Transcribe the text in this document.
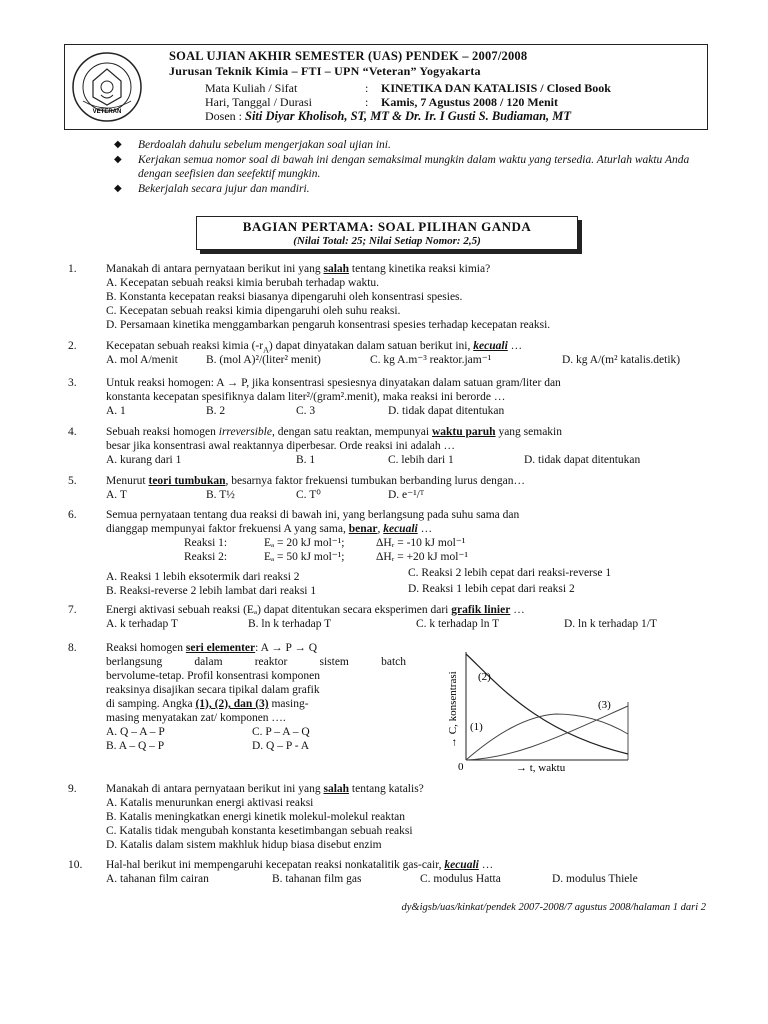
VETERAN
SOAL UJIAN AKHIR SEMESTER (UAS) PENDEK – 2007/2008
Jurusan Teknik Kimia – FTI – UPN “Veteran” Yogyakarta
Mata Kuliah / Sifat	: KINETIKA DAN KATALISIS / Closed Book
Hari, Tanggal / Durasi	: Kamis, 7 Agustus 2008 / 120 Menit
Dosen : Siti Diyar Kholisoh, ST, MT & Dr. Ir. I Gusti S. Budiaman, MT
◆ Berdoalah dahulu sebelum mengerjakan soal ujian ini.
◆ Kerjakan semua nomor soal di bawah ini dengan semaksimal mungkin dalam waktu yang tersedia. Aturlah waktu Anda dengan seefisien dan seefektif mungkin.
◆ Bekerjalah secara jujur dan mandiri.
BAGIAN PERTAMA: SOAL PILIHAN GANDA
(Nilai Total: 25; Nilai Setiap Nomor: 2,5)
1.	Manakah di antara pernyataan berikut ini yang salah tentang kinetika reaksi kimia?
A. Kecepatan sebuah reaksi kimia berubah terhadap waktu.
B. Konstanta kecepatan reaksi biasanya dipengaruhi oleh konsentrasi spesies.
C. Kecepatan sebuah reaksi kimia dipengaruhi oleh suhu reaksi.
D. Persamaan kinetika menggambarkan pengaruh konsentrasi spesies terhadap kecepatan reaksi.
2.	Kecepatan sebuah reaksi kimia $(-r_A)$ dapat dinyatakan dalam satuan berikut ini, kecuali …
A. mol A/menit B. (mol A)²/(liter² menit)	C. kg A.m⁻³ reaktor.jam⁻¹	D. kg A/(m² katalis.detik)
3.	Untuk reaksi homogen: A → P, jika konsentrasi spesiesnya dinyatakan dalam satuan gram/liter dan
konstanta kecepatan spesifiknya dalam liter²/(gram².menit), maka reaksi ini berorde …
A. 1	B. 2	C. 3	D. tidak dapat ditentukan
4.	Sebuah reaksi homogen irreversible, dengan satu reaktan, mempunyai waktu paruh yang semakin
besar jika konsentrasi awal reaktannya diperbesar. Orde reaksi ini adalah …
A. kurang dari 1	B. 1	C. lebih dari 1	D. tidak dapat ditentukan
5.	Menurut teori tumbukan, besarnya faktor frekuensi tumbukan berbanding lurus dengan…
A. T	B. T½	C. T⁰	D. e⁻¹/ᵀ
6.	Semua pernyataan tentang dua reaksi di bawah ini, yang berlangsung pada suhu sama dan
dianggap mempunyai faktor frekuensi A yang sama, benar, kecuali …
Reaksi 1:	Eₐ = 20 kJ mol⁻¹;	ΔHᵣ = -10 kJ mol⁻¹
Reaksi 2:	Eₐ = 50 kJ mol⁻¹;	ΔHᵣ = +20 kJ mol⁻¹
A. Reaksi 1 lebih eksotermik dari reaksi 2	C. Reaksi 2 lebih cepat dari reaksi-reverse 1
B. Reaksi-reverse 2 lebih lambat dari reaksi 1	D. Reaksi 1 lebih cepat dari reaksi 2
7.	Energi aktivasi sebuah reaksi (Eₐ) dapat ditentukan secara eksperimen dari grafik linier …
A. k terhadap T	B. ln k terhadap T	C. k terhadap ln T	D. ln k terhadap 1/T
8.	Reaksi homogen seri elementer: A → P → Q
berlangsung dalam reaktor sistem batch
bervolume-tetap. Profil konsentrasi komponen
reaksinya disajikan secara tipikal dalam grafik
di samping. Angka (1), (2), dan (3) masing-
masing menyatakan zat/ komponen ….
A. Q – A – P	C. P – A – Q
B. A – Q – P	D. Q – P - A
(2)
(1)
(3)
0	→ t, waktu
→ C, konsentrasi
9.	Manakah di antara pernyataan berikut ini yang salah tentang katalis?
A. Katalis menurunkan energi aktivasi reaksi
B. Katalis meningkatkan energi kinetik molekul-molekul reaktan
C. Katalis tidak mengubah konstanta kesetimbangan sebuah reaksi
D. Katalis dalam sistem makhluk hidup biasa disebut enzim
10. Hal-hal berikut ini mempengaruhi kecepatan reaksi nonkatalitik gas-cair, kecuali …
A. tahanan film cairan	B. tahanan film gas	C. modulus Hatta	D. modulus Thiele
dy&igsb/uas/kinkat/pendek 2007-2008/7 agustus 2008/halaman 1 dari 2
